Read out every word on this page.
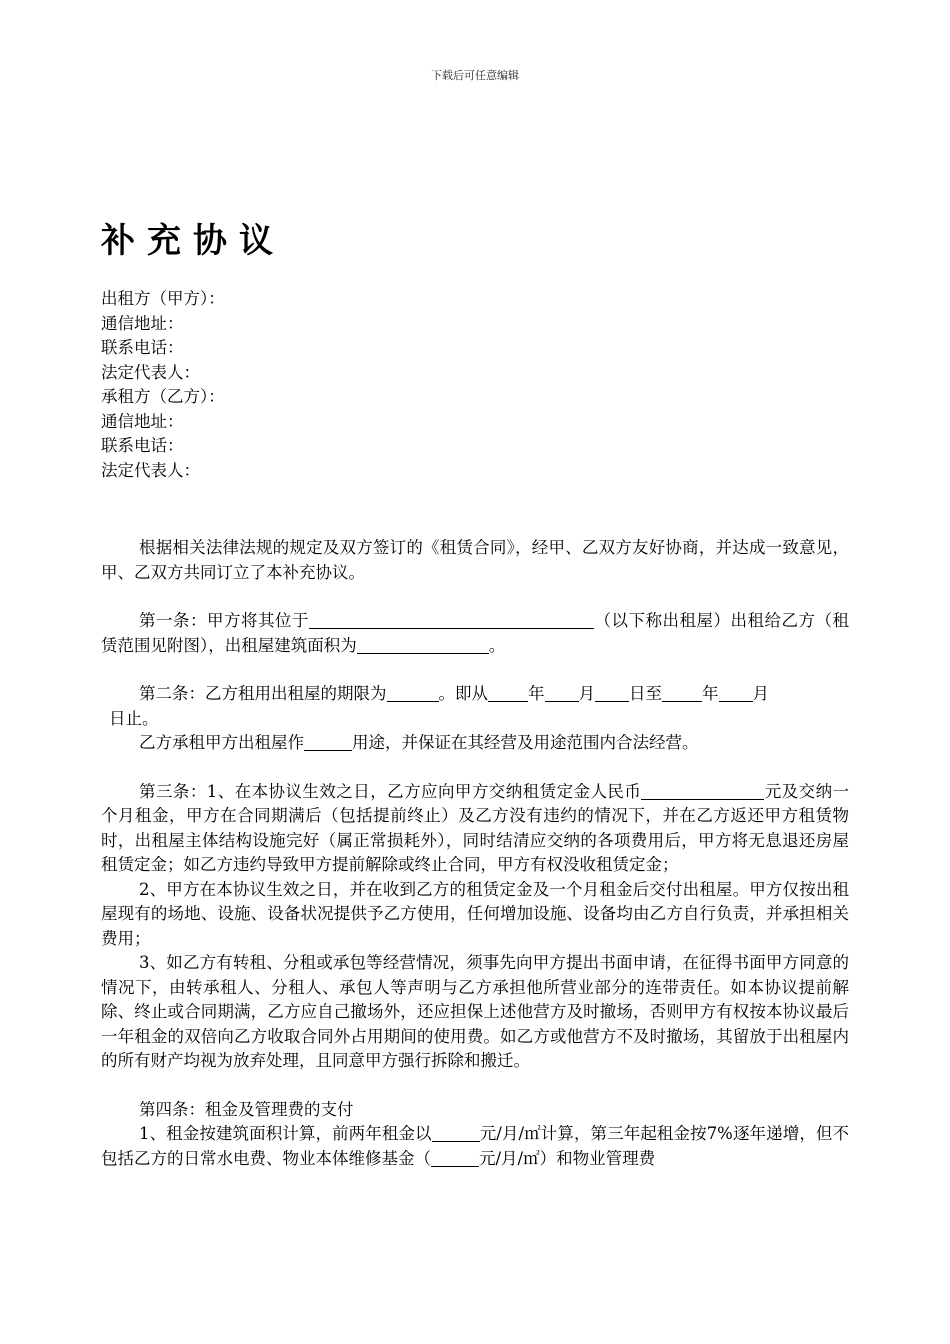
下载后可任意编辑
补充协议
出租方（甲方）：
通信地址：
联系电话：
法定代表人：
承租方（乙方）：
通信地址：
联系电话：
法定代表人：
根据相关法律法规的规定及双方签订的《租赁合同》，经甲、乙双方友好协商，并达成一致意见，甲、乙双方共同订立了本补充协议。
第一条：甲方将其位于	（以下称出租屋）出租给乙方（租赁范围见附图），出租屋建筑面积为	。
第二条：乙方租用出租屋的期限为	。即从 年 月 日至 年 月
日止。
乙方承租甲方出租屋作	用途，并保证在其经营及用途范围内合法经营。
第三条：1、在本协议生效之日，乙方应向甲方交纳租赁定金人民币	元及交纳一个月租金，甲方在合同期满后（包括提前终止）及乙方没有违约的情况下，并在乙方返还甲方租赁物时，出租屋主体结构设施完好（属正常损耗外），同时结清应交纳的各项费用后，甲方将无息退还房屋租赁定金；如乙方违约导致甲方提前解除或终止合同，甲方有权没收租赁定金；
2、甲方在本协议生效之日，并在收到乙方的租赁定金及一个月租金后交付出租屋。甲方仅按出租屋现有的场地、设施、设备状况提供予乙方使用，任何增加设施、设备均由乙方自行负责，并承担相关费用；
3、如乙方有转租、分租或承包等经营情况，须事先向甲方提出书面申请，在征得书面甲方同意的情况下，由转承租人、分租人、承包人等声明与乙方承担他所营业部分的连带责任。如本协议提前解除、终止或合同期满，乙方应自己撤场外，还应担保上述他营方及时撤场，否则甲方有权按本协议最后一年租金的双倍向乙方收取合同外占用期间的使用费。如乙方或他营方不及时撤场，其留放于出租屋内的所有财产均视为放弃处理，且同意甲方强行拆除和搬迁。
第四条：租金及管理费的支付
1、租金按建筑面积计算，前两年租金以	元/月/㎡计算，第三年起租金按7%逐年递增，但不包括乙方的日常水电费、物业本体维修基金（	元/月/㎡）和物业管理费
